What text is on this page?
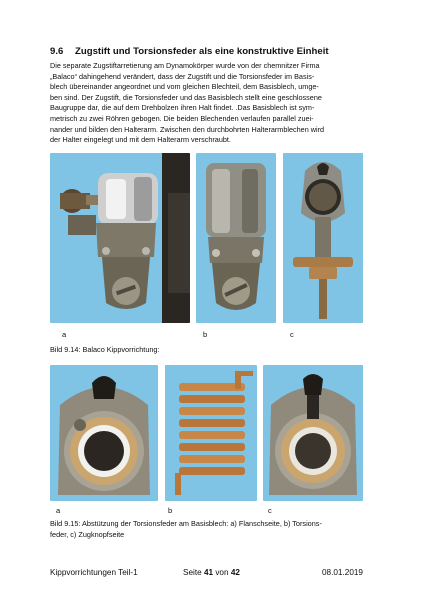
9.6 Zugstift und Torsionsfeder als eine konstruktive Einheit
Die separate Zugstiftarretierung am Dynamokörper wurde von der chemnitzer Firma
„Balaco“ dahingehend verändert, dass der Zugstift und die Torsionsfeder im Basis-
blech übereinander angeordnet und vom gleichen Blechteil, dem Basisblech, umge-
ben sind. Der Zugstift, die Torsionsfeder und das Basisblech stellt eine geschlossene
Baugruppe dar, die auf dem Drehbolzen ihren Halt findet. .Das Basisblech ist sym-
metrisch zu zwei Röhren gebogen. Die beiden Blechenden verlaufen parallel zuei-
nander und bilden den Halterarm. Zwischen den durchbohrten Halterarmblechen wird
der Halter eingelegt und mit dem Halterarm verschraubt.
a	b	c
Bild 9.14: Balaco Kippvorrichtung:
a	b	c
Bild 9.15: Abstützung der Torsionsfeder am Basisblech: a) Flanschseite, b) Torsions-
feder, c) Zugknopfseite
Kippvorrichtungen Teil-1	Seite 41 von 42	08.01.2019
